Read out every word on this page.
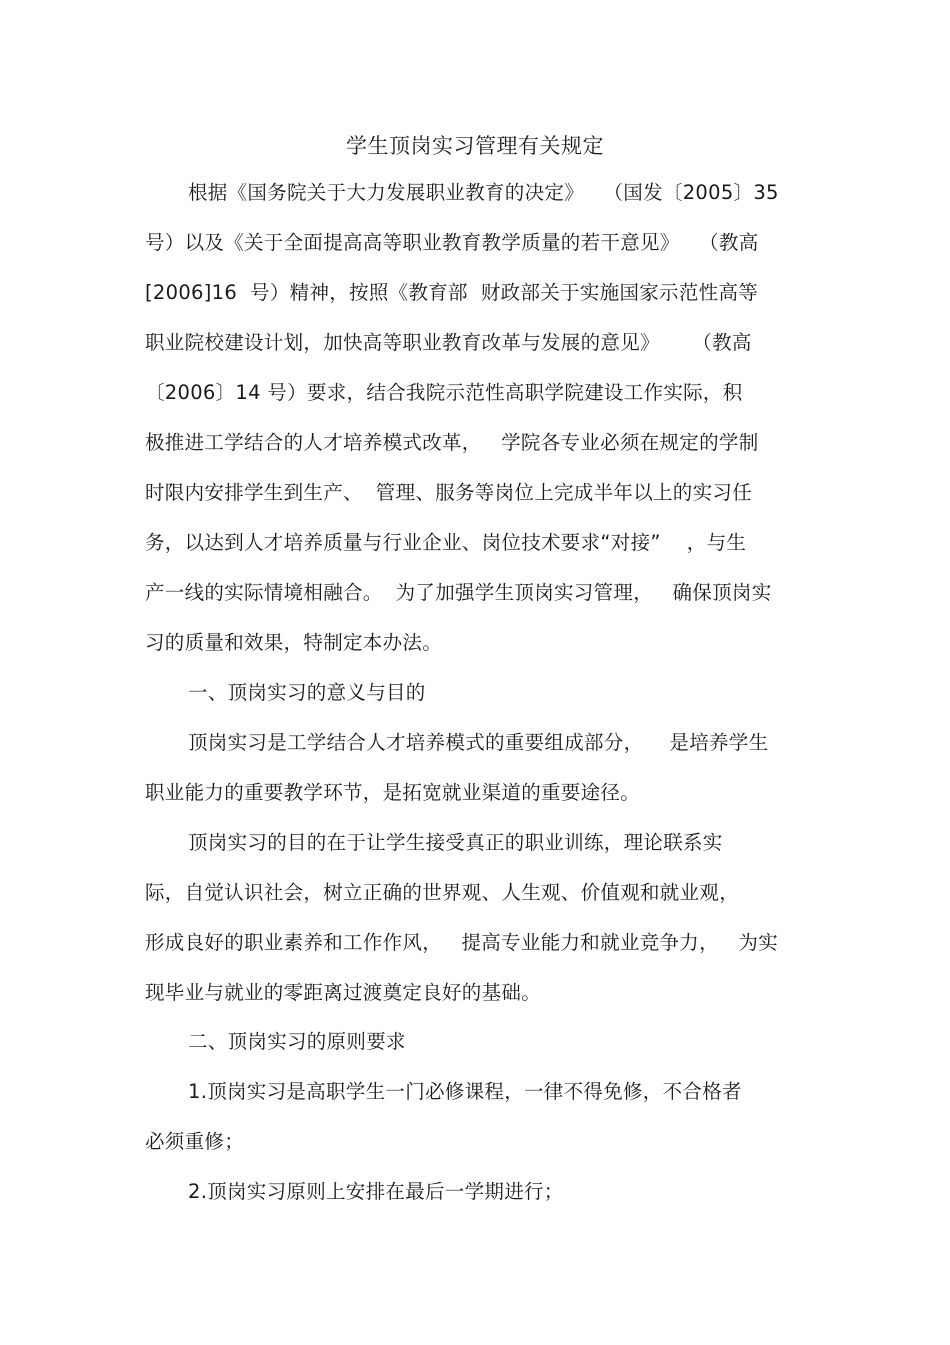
学生顶岗实习管理有关规定
根据《国务院关于大力发展职业教育的决定》   （国发〔2005〕35
号）以及《关于全面提高高等职业教育教学质量的若干意见》   （教高
[2006]16  号）精神，按照《教育部  财政部关于实施国家示范性高等
职业院校建设计划，加快高等职业教育改革与发展的意见》     （教高
〔2006〕14 号）要求，结合我院示范性高职学院建设工作实际，积
极推进工学结合的人才培养模式改革，   学院各专业必须在规定的学制
时限内安排学生到生产、  管理、服务等岗位上完成半年以上的实习任
务，以达到人才培养质量与行业企业、岗位技术要求“对接”    ，与生
产一线的实际情境相融合。  为了加强学生顶岗实习管理，   确保顶岗实
习的质量和效果，特制定本办法。
一、顶岗实习的意义与目的
顶岗实习是工学结合人才培养模式的重要组成部分，    是培养学生
职业能力的重要教学环节，是拓宽就业渠道的重要途径。
顶岗实习的目的在于让学生接受真正的职业训练，理论联系实
际，自觉认识社会，树立正确的世界观、人生观、价值观和就业观，
形成良好的职业素养和工作作风，   提高专业能力和就业竞争力，   为实
现毕业与就业的零距离过渡奠定良好的基础。
二、顶岗实习的原则要求
1.顶岗实习是高职学生一门必修课程，一律不得免修，不合格者
必须重修；
2.顶岗实习原则上安排在最后一学期进行；
